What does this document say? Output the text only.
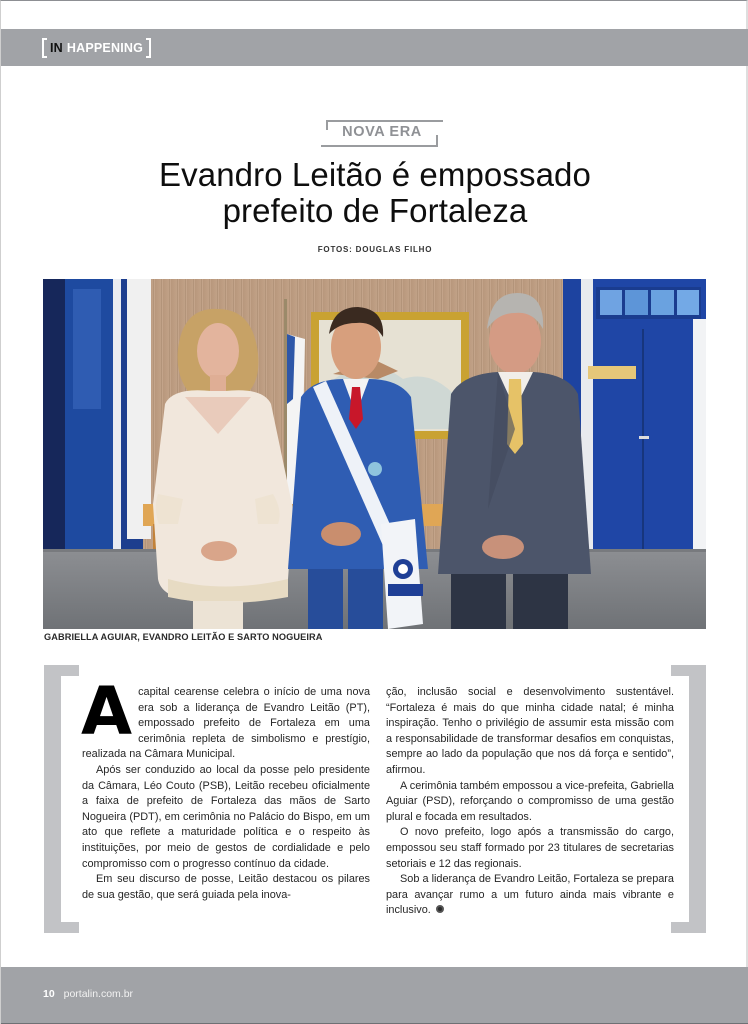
IN HAPPENING
NOVA ERA
Evandro Leitão é empossado
prefeito de Fortaleza
FOTOS: DOUGLAS FILHO
GABRIELLA AGUIAR, EVANDRO LEITÃO E SARTO NOGUEIRA

Acapital cearense celebra o início de uma nova era sob a liderança de Evandro Leitão (PT), empossado prefeito de Fortaleza em uma cerimônia repleta de simbolismo e prestígio, realizada na Câmara Municipal.

Após ser conduzido ao local da posse pelo presidente da Câmara, Léo Couto (PSB), Leitão recebeu oficialmente a faixa de prefeito de Fortaleza das mãos de Sarto Nogueira (PDT), em cerimônia no Palácio do Bispo, em um ato que reflete a maturidade política e o respeito às instituições, por meio de gestos de cordialidade e pelo compromisso com o progresso contínuo da cidade.

Em seu discurso de posse, Leitão destacou os pilares de sua gestão, que será guiada pela inova-

ção, inclusão social e desenvolvimento sustentável. “Fortaleza é mais do que minha cidade natal; é minha inspiração. Tenho o privilégio de assumir esta missão com a responsabilidade de transformar desafios em conquistas, sempre ao lado da população que nos dá força e sentido”, afirmou.

A cerimônia também empossou a vice-prefeita, Gabriella Aguiar (PSD), reforçando o compromisso de uma gestão plural e focada em resultados.

O novo prefeito, logo após a transmissão do cargo, empossou seu staff formado por 23 titulares de secretarias setoriais e 12 das regionais.

Sob a liderança de Evandro Leitão, Fortaleza se prepara para avançar rumo a um futuro ainda mais vibrante e inclusivo.

10 portalin.com.br
